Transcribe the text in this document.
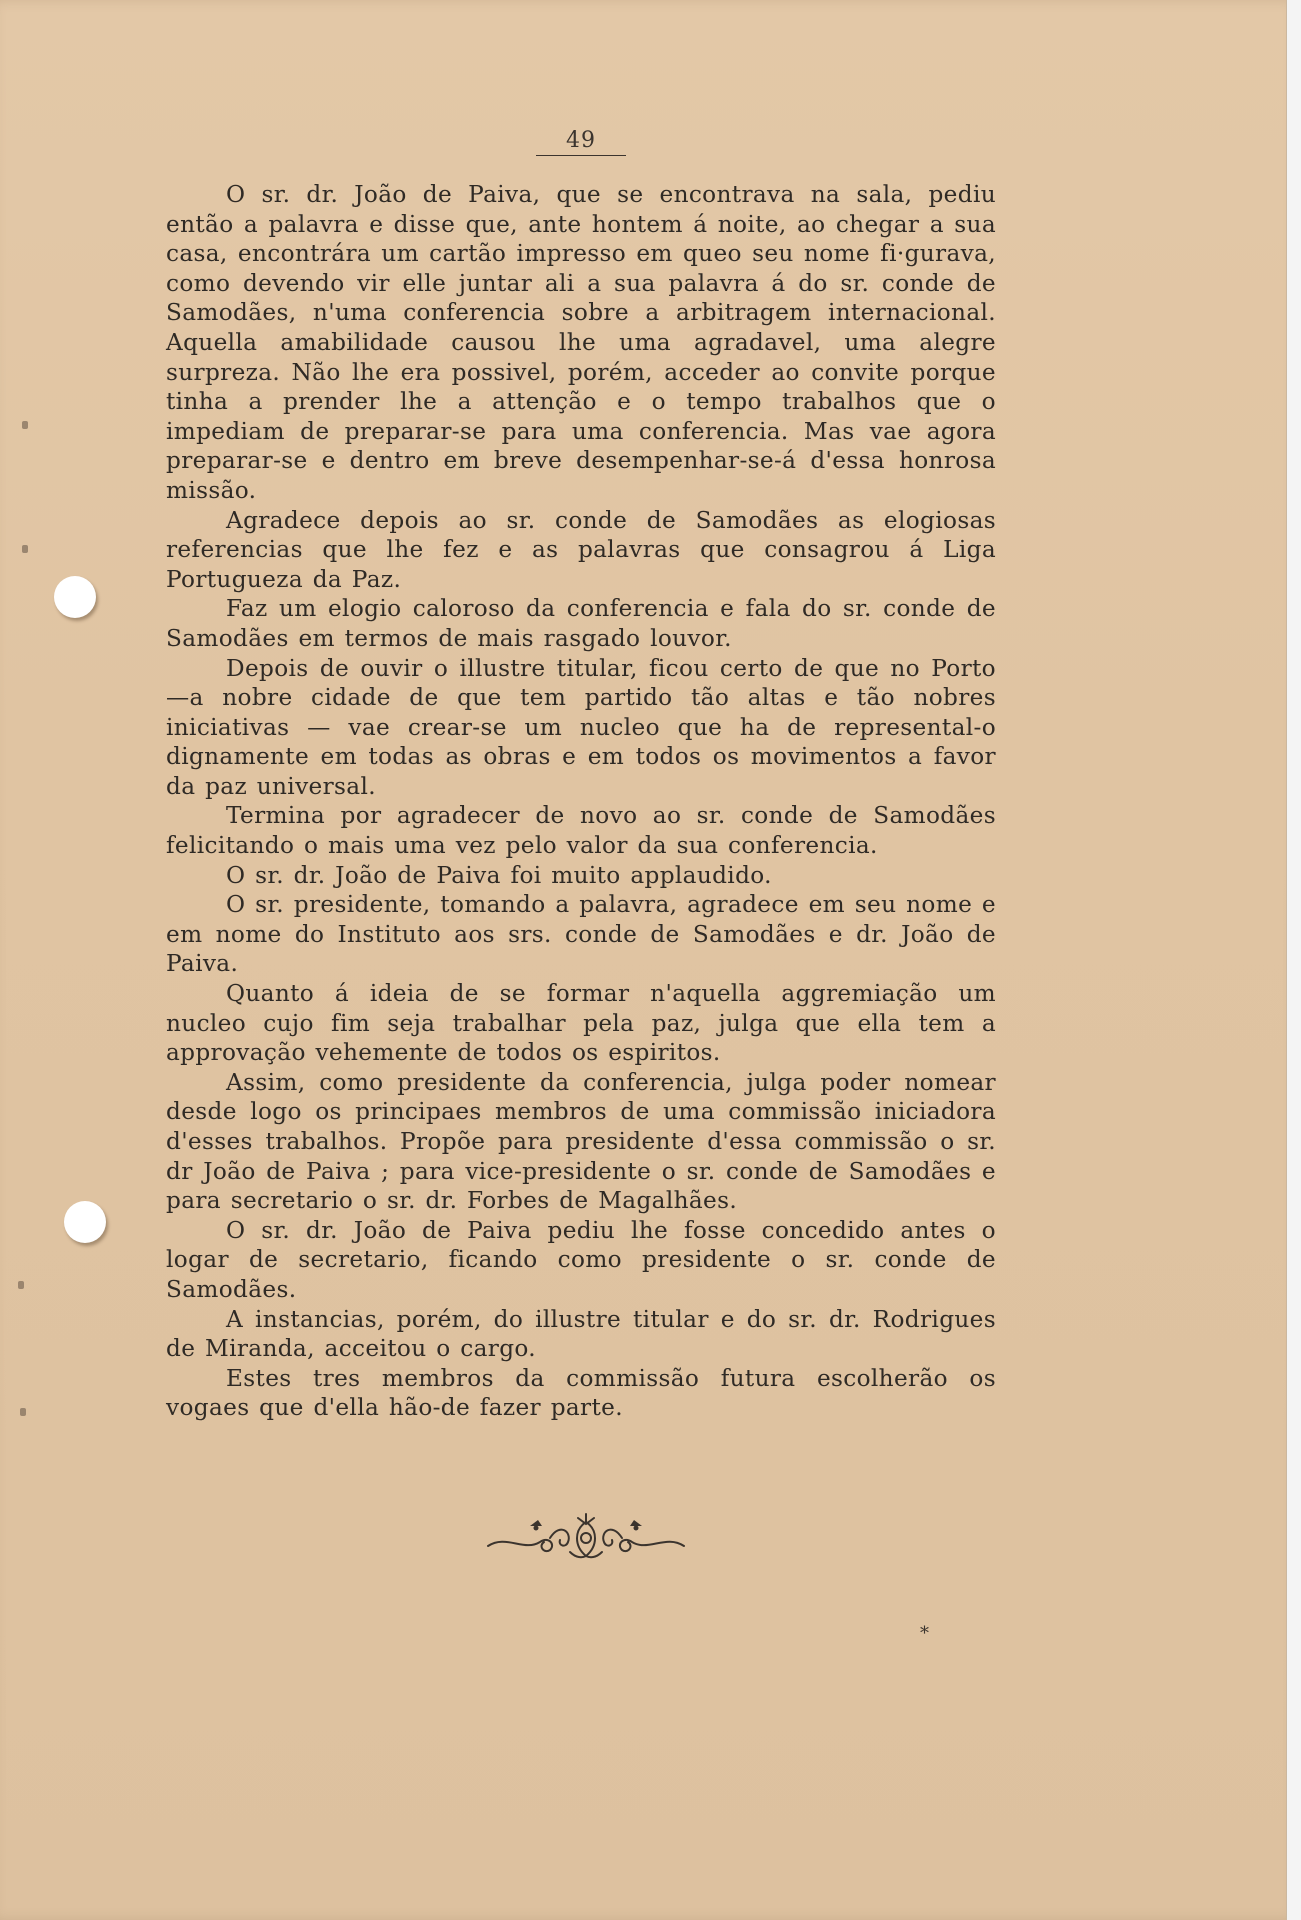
49

O sr. dr. João de Paiva, que se encontrava na sala, pediu então a palavra e disse que, ante hontem á noite, ao chegar a sua casa, encontrára um cartão impresso em queo seu nome fi·gurava, como devendo vir elle juntar ali a sua palavra á do sr. conde de Samodães, n'uma conferencia sobre a arbitragem internacional. Aquella amabilidade causou lhe uma agradavel, uma alegre surpreza. Não lhe era possivel, porém, acceder ao convite porque tinha a prender lhe a attenção e o tempo trabalhos que o impediam de preparar-se para uma conferencia. Mas vae agora preparar-se e dentro em breve desempenhar-se-á d'essa honrosa missão.

Agradece depois ao sr. conde de Samodães as elogiosas referencias que lhe fez e as palavras que consagrou á Liga Portugueza da Paz.

Faz um elogio caloroso da conferencia e fala do sr. conde de Samodães em termos de mais rasgado louvor.

Depois de ouvir o illustre titular, ficou certo de que no Porto —a nobre cidade de que tem partido tão altas e tão nobres iniciativas — vae crear-se um nucleo que ha de represental-o dignamente em todas as obras e em todos os movimentos a favor da paz universal.

Termina por agradecer de novo ao sr. conde de Samodães felicitando o mais uma vez pelo valor da sua conferencia.

O sr. dr. João de Paiva foi muito applaudido.

O sr. presidente, tomando a palavra, agradece em seu nome e em nome do Instituto aos srs. conde de Samodães e dr. João de Paiva.

Quanto á ideia de se formar n'aquella aggremiação um nucleo cujo fim seja trabalhar pela paz, julga que ella tem a approvação vehemente de todos os espiritos.

Assim, como presidente da conferencia, julga poder nomear desde logo os principaes membros de uma commissão iniciadora d'esses trabalhos. Propõe para presidente d'essa commissão o sr. dr João de Paiva ; para vice-presidente o sr. conde de Samodães e para secretario o sr. dr. Forbes de Magalhães.

O sr. dr. João de Paiva pediu lhe fosse concedido antes o logar de secretario, ficando como presidente o sr. conde de Samodães.

A instancias, porém, do illustre titular e do sr. dr. Rodrigues de Miranda, acceitou o cargo.

Estes tres membros da commissão futura escolherão os vogaes que d'ella hão-de fazer parte.

*
